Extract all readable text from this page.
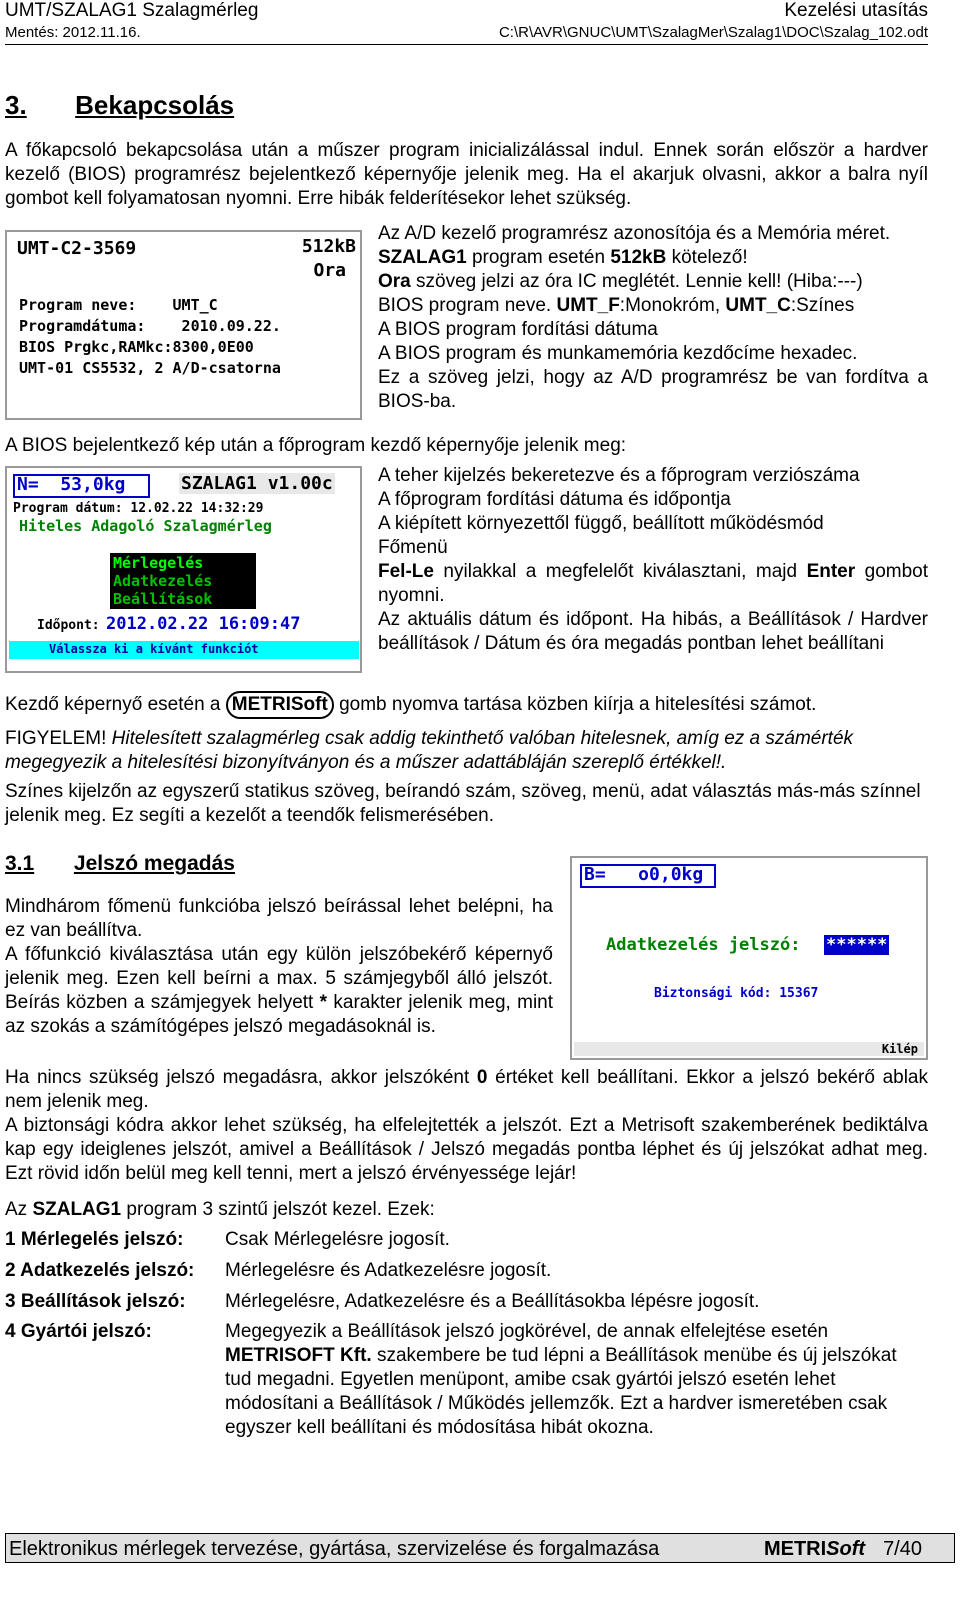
UMT/SZALAG1 Szalagmérleg	Kezelési utasítás
Mentés: 2012.11.16.	C:\R\AVR\GNUC\UMT\SzalagMer\Szalag1\DOC\Szalag_102.odt
3. Bekapcsolás
A főkapcsoló bekapcsolása után a műszer program inicializálással indul. Ennek során először a hardver kezelő (BIOS) programrész bejelentkező képernyője jelenik meg. Ha el akarjuk olvasni, akkor a balra nyíl gombot kell folyamatosan nyomni. Erre hibák felderítésekor lehet szükség.
UMT-C2-3569	512kB
Ora
Program neve:    UMT_C
Programdátuma:    2010.09.22.
BIOS Prgkc,RAMkc:8300,0E00
UMT-01 CS5532, 2 A/D-csatorna
Az A/D kezelő programrész azonosítója és a Memória méret.
SZALAG1 program esetén 512kB kötelező!
Ora szöveg jelzi az óra IC meglétét. Lennie kell! (Hiba:---)
BIOS program neve. UMT_F:Monokróm, UMT_C:Színes
A BIOS program fordítási dátuma
A BIOS program és munkamemória kezdőcíme hexadec.
Ez a szöveg jelzi, hogy az A/D programrész be van fordítva a BIOS-ba.
A BIOS bejelentkező kép után a főprogram kezdő képernyője jelenik meg:
N=  53,0kg	SZALAG1 v1.00c
Program dátum: 12.02.22 14:32:29
Hiteles Adagoló Szalagmérleg
Mérlegelés
Adatkezelés
Beállítások
Időpont: 2012.02.22 16:09:47
Válassza ki a kívánt funkciót
A teher kijelzés bekeretezve és a főprogram verziószáma
A főprogram fordítási dátuma és időpontja
A kiépített környezettől függő, beállított működésmód
Főmenü
Fel-Le nyilakkal a megfelelőt kiválasztani, majd Enter gombot nyomni.
Az aktuális dátum és időpont. Ha hibás, a Beállítások / Hardver beállítások / Dátum és óra megadás pontban lehet beállítani
Kezdő képernyő esetén a METRISoft gomb nyomva tartása közben kiírja a hitelesítési számot.
FIGYELEM! Hitelesített szalagmérleg csak addig tekinthető valóban hitelesnek, amíg ez a számérték megegyezik a hitelesítési bizonyítványon és a műszer adattábláján szereplő értékkel!.
Színes kijelzőn az egyszerű statikus szöveg, beírandó szám, szöveg, menü, adat választás más-más színnel jelenik meg. Ez segíti a kezelőt a teendők felismerésében.
3.1 Jelszó megadás
Mindhárom főmenü funkcióba jelszó beírással lehet belépni, ha ez van beállítva.
A főfunkció kiválasztása után egy külön jelszóbekérő képernyő jelenik meg. Ezen kell beírni a max. 5 számjegyből álló jelszót. Beírás közben a számjegyek helyett * karakter jelenik meg, mint az szokás a számítógépes jelszó megadásoknál is.
B=   o0,0kg
Adatkezelés jelszó: ******
Biztonsági kód: 15367
Kilép
Ha nincs szükség jelszó megadásra, akkor jelszóként 0 értéket kell beállítani. Ekkor a jelszó bekérő ablak nem jelenik meg.
A biztonsági kódra akkor lehet szükség, ha elfelejtették a jelszót. Ezt a Metrisoft szakemberének bediktálva kap egy ideiglenes jelszót, amivel a Beállítások / Jelszó megadás pontba léphet és új jelszókat adhat meg. Ezt rövid időn belül meg kell tenni, mert a jelszó érvényessége lejár!
Az SZALAG1 program 3 szintű jelszót kezel. Ezek:
1 Mérlegelés jelszó: Csak Mérlegelésre jogosít.
2 Adatkezelés jelszó: Mérlegelésre és Adatkezelésre jogosít.
3 Beállítások jelszó: Mérlegelésre, Adatkezelésre és a Beállításokba lépésre jogosít.
4 Gyártói jelszó:	Megegyezik a Beállítások jelszó jogkörével, de annak elfelejtése esetén
METRISOFT Kft. szakembere be tud lépni a Beállítások menübe és új jelszókat tud megadni. Egyetlen menüpont, amibe csak gyártói jelszó esetén lehet módosítani a Beállítások / Működés jellemzők. Ezt a hardver ismeretében csak egyszer kell beállítani és módosítása hibát okozna.
Elektronikus mérlegek tervezése, gyártása, szervizelése és forgalmazása	METRISoft 7/40
